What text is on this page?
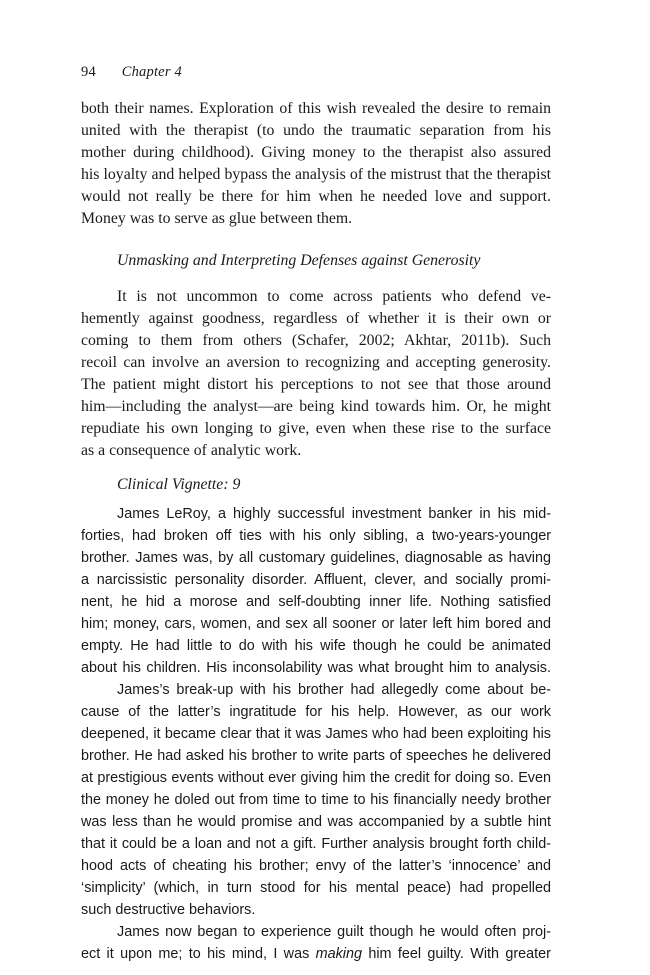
94 Chapter 4
both their names. Exploration of this wish revealed the desire to remain
united with the therapist (to undo the traumatic separation from his
mother during childhood). Giving money to the therapist also assured
his loyalty and helped bypass the analysis of the mistrust that the therapist
would not really be there for him when he needed love and support.
Money was to serve as glue between them.
Unmasking and Interpreting Defenses against Generosity
It is not uncommon to come across patients who defend ve-
hemently against goodness, regardless of whether it is their own or
coming to them from others (Schafer, 2002; Akhtar, 2011b). Such
recoil can involve an aversion to recognizing and accepting generosity.
The patient might distort his perceptions to not see that those around
him—including the analyst—are being kind towards him. Or, he might
repudiate his own longing to give, even when these rise to the surface
as a consequence of analytic work.
Clinical Vignette: 9
James LeRoy, a highly successful investment banker in his mid-
forties, had broken off ties with his only sibling, a two-years-younger
brother. James was, by all customary guidelines, diagnosable as having
a narcissistic personality disorder. Affluent, clever, and socially promi-
nent, he hid a morose and self-doubting inner life. Nothing satisfied
him; money, cars, women, and sex all sooner or later left him bored and
empty. He had little to do with his wife though he could be animated
about his children. His inconsolability was what brought him to analysis.
James’s break-up with his brother had allegedly come about be-
cause of the latter’s ingratitude for his help. However, as our work
deepened, it became clear that it was James who had been exploiting his
brother. He had asked his brother to write parts of speeches he delivered
at prestigious events without ever giving him the credit for doing so. Even
the money he doled out from time to time to his financially needy brother
was less than he would promise and was accompanied by a subtle hint
that it could be a loan and not a gift. Further analysis brought forth child-
hood acts of cheating his brother; envy of the latter’s ‘innocence’ and
‘simplicity’ (which, in turn stood for his mental peace) had propelled
such destructive behaviors.
James now began to experience guilt though he would often proj-
ect it upon me; to his mind, I was making him feel guilty. With greater
